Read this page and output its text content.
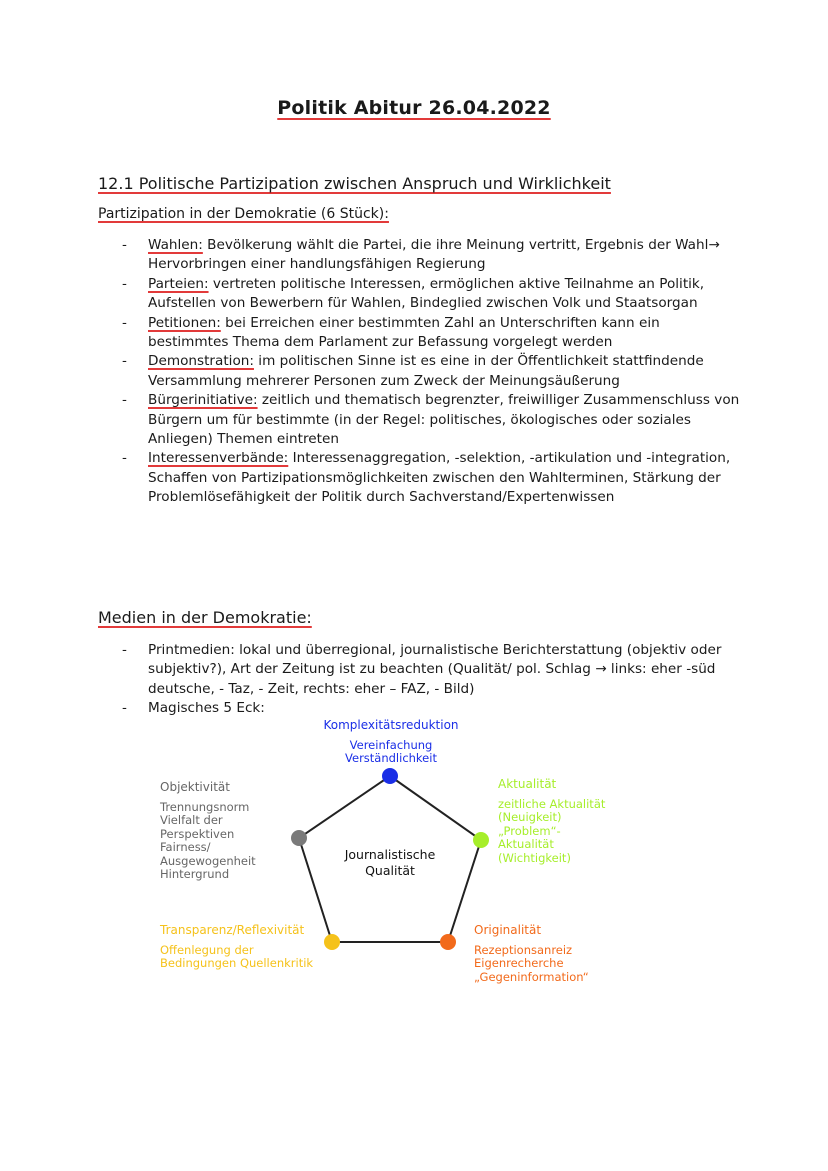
Politik Abitur 26.04.2022
12.1 Politische Partizipation zwischen Anspruch und Wirklichkeit
Partizipation in der Demokratie (6 Stück):
- Wahlen: Bevölkerung wählt die Partei, die ihre Meinung vertritt, Ergebnis der Wahl→ Hervorbringen einer handlungsfähigen Regierung
- Parteien: vertreten politische Interessen, ermöglichen aktive Teilnahme an Politik, Aufstellen von Bewerbern für Wahlen, Bindeglied zwischen Volk und Staatsorgan
- Petitionen: bei Erreichen einer bestimmten Zahl an Unterschriften kann ein bestimmtes Thema dem Parlament zur Befassung vorgelegt werden
- Demonstration: im politischen Sinne ist es eine in der Öffentlichkeit stattfindende Versammlung mehrerer Personen zum Zweck der Meinungsäußerung
- Bürgerinitiative: zeitlich und thematisch begrenzter, freiwilliger Zusammenschluss von Bürgern um für bestimmte (in der Regel: politisches, ökologisches oder soziales Anliegen) Themen eintreten
- Interessenverbände: Interessenaggregation, -selektion, -artikulation und -integration, Schaffen von Partizipationsmöglichkeiten zwischen den Wahlterminen, Stärkung der Problemlösefähigkeit der Politik durch Sachverstand/Expertenwissen
Medien in der Demokratie:
- Printmedien: lokal und überregional, journalistische Berichterstattung (objektiv oder subjektiv?), Art der Zeitung ist zu beachten (Qualität/ pol. Schlag → links: eher -süd deutsche, - Taz, - Zeit, rechts: eher – FAZ, - Bild)
- Magisches 5 Eck:
Journalistische
Qualität
Komplexitätsreduktion
Vereinfachung
Verständlichkeit
Aktualität
zeitliche Aktualität
(Neuigkeit)
„Problem“-
Aktualität
(Wichtigkeit)
Originalität
Rezeptionsanreiz
Eigenrecherche
„Gegeninformation“
Transparenz/Reflexivität
Offenlegung der
Bedingungen Quellenkritik
Objektivität
Trennungsnorm
Vielfalt der
Perspektiven
Fairness/
Ausgewogenheit
Hintergrund
